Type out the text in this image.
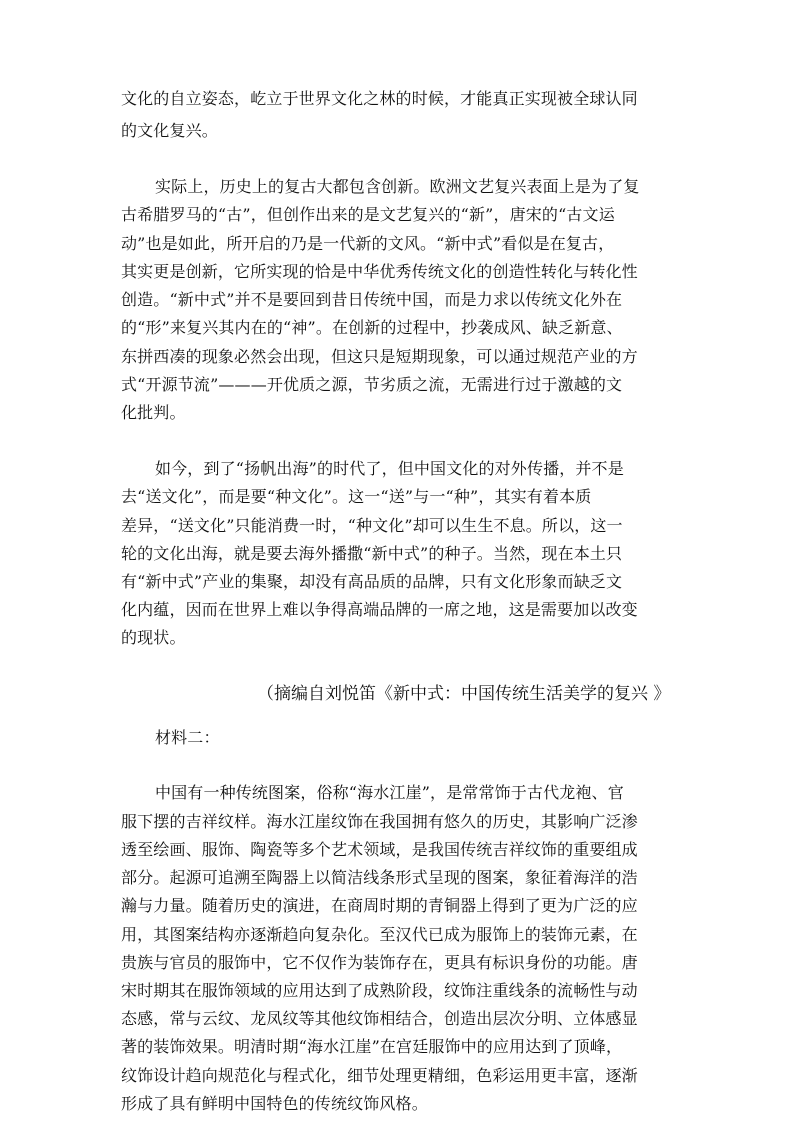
文化的自立姿态，屹立于世界文化之林的时候，才能真正实现被全球认同
的文化复兴。
实际上，历史上的复古大都包含创新。欧洲文艺复兴表面上是为了复
古希腊罗马的“古”，但创作出来的是文艺复兴的“新”，唐宋的“古文运
动”也是如此，所开启的乃是一代新的文风。“新中式”看似是在复古，
其实更是创新，它所实现的恰是中华优秀传统文化的创造性转化与转化性
创造。“新中式”并不是要回到昔日传统中国，而是力求以传统文化外在
的“形”来复兴其内在的“神”。在创新的过程中，抄袭成风、缺乏新意、
东拼西凑的现象必然会出现，但这只是短期现象，可以通过规范产业的方
式“开源节流”———开优质之源，节劣质之流，无需进行过于激越的文
化批判。
如今，到了“扬帆出海”的时代了，但中国文化的对外传播，并不是
去“送文化”，而是要“种文化”。这一“送”与一“种”，其实有着本质
差异，“送文化”只能消费一时，“种文化”却可以生生不息。所以，这一
轮的文化出海，就是要去海外播撒“新中式”的种子。当然，现在本土只
有“新中式”产业的集聚，却没有高品质的品牌，只有文化形象而缺乏文
化内蕴，因而在世界上难以争得高端品牌的一席之地，这是需要加以改变
的现状。
（摘编自刘悦笛《新中式：中国传统生活美学的复兴 》
材料二：
中国有一种传统图案，俗称“海水江崖”，是常常饰于古代龙袍、官
服下摆的吉祥纹样。海水江崖纹饰在我国拥有悠久的历史，其影响广泛渗
透至绘画、服饰、陶瓷等多个艺术领域，是我国传统吉祥纹饰的重要组成
部分。起源可追溯至陶器上以简洁线条形式呈现的图案，象征着海洋的浩
瀚与力量。随着历史的演进，在商周时期的青铜器上得到了更为广泛的应
用，其图案结构亦逐渐趋向复杂化。至汉代已成为服饰上的装饰元素，在
贵族与官员的服饰中，它不仅作为装饰存在，更具有标识身份的功能。唐
宋时期其在服饰领域的应用达到了成熟阶段，纹饰注重线条的流畅性与动
态感，常与云纹、龙凤纹等其他纹饰相结合，创造出层次分明、立体感显
著的装饰效果。明清时期“海水江崖”在宫廷服饰中的应用达到了顶峰，
纹饰设计趋向规范化与程式化，细节处理更精细，色彩运用更丰富，逐渐
形成了具有鲜明中国特色的传统纹饰风格。
